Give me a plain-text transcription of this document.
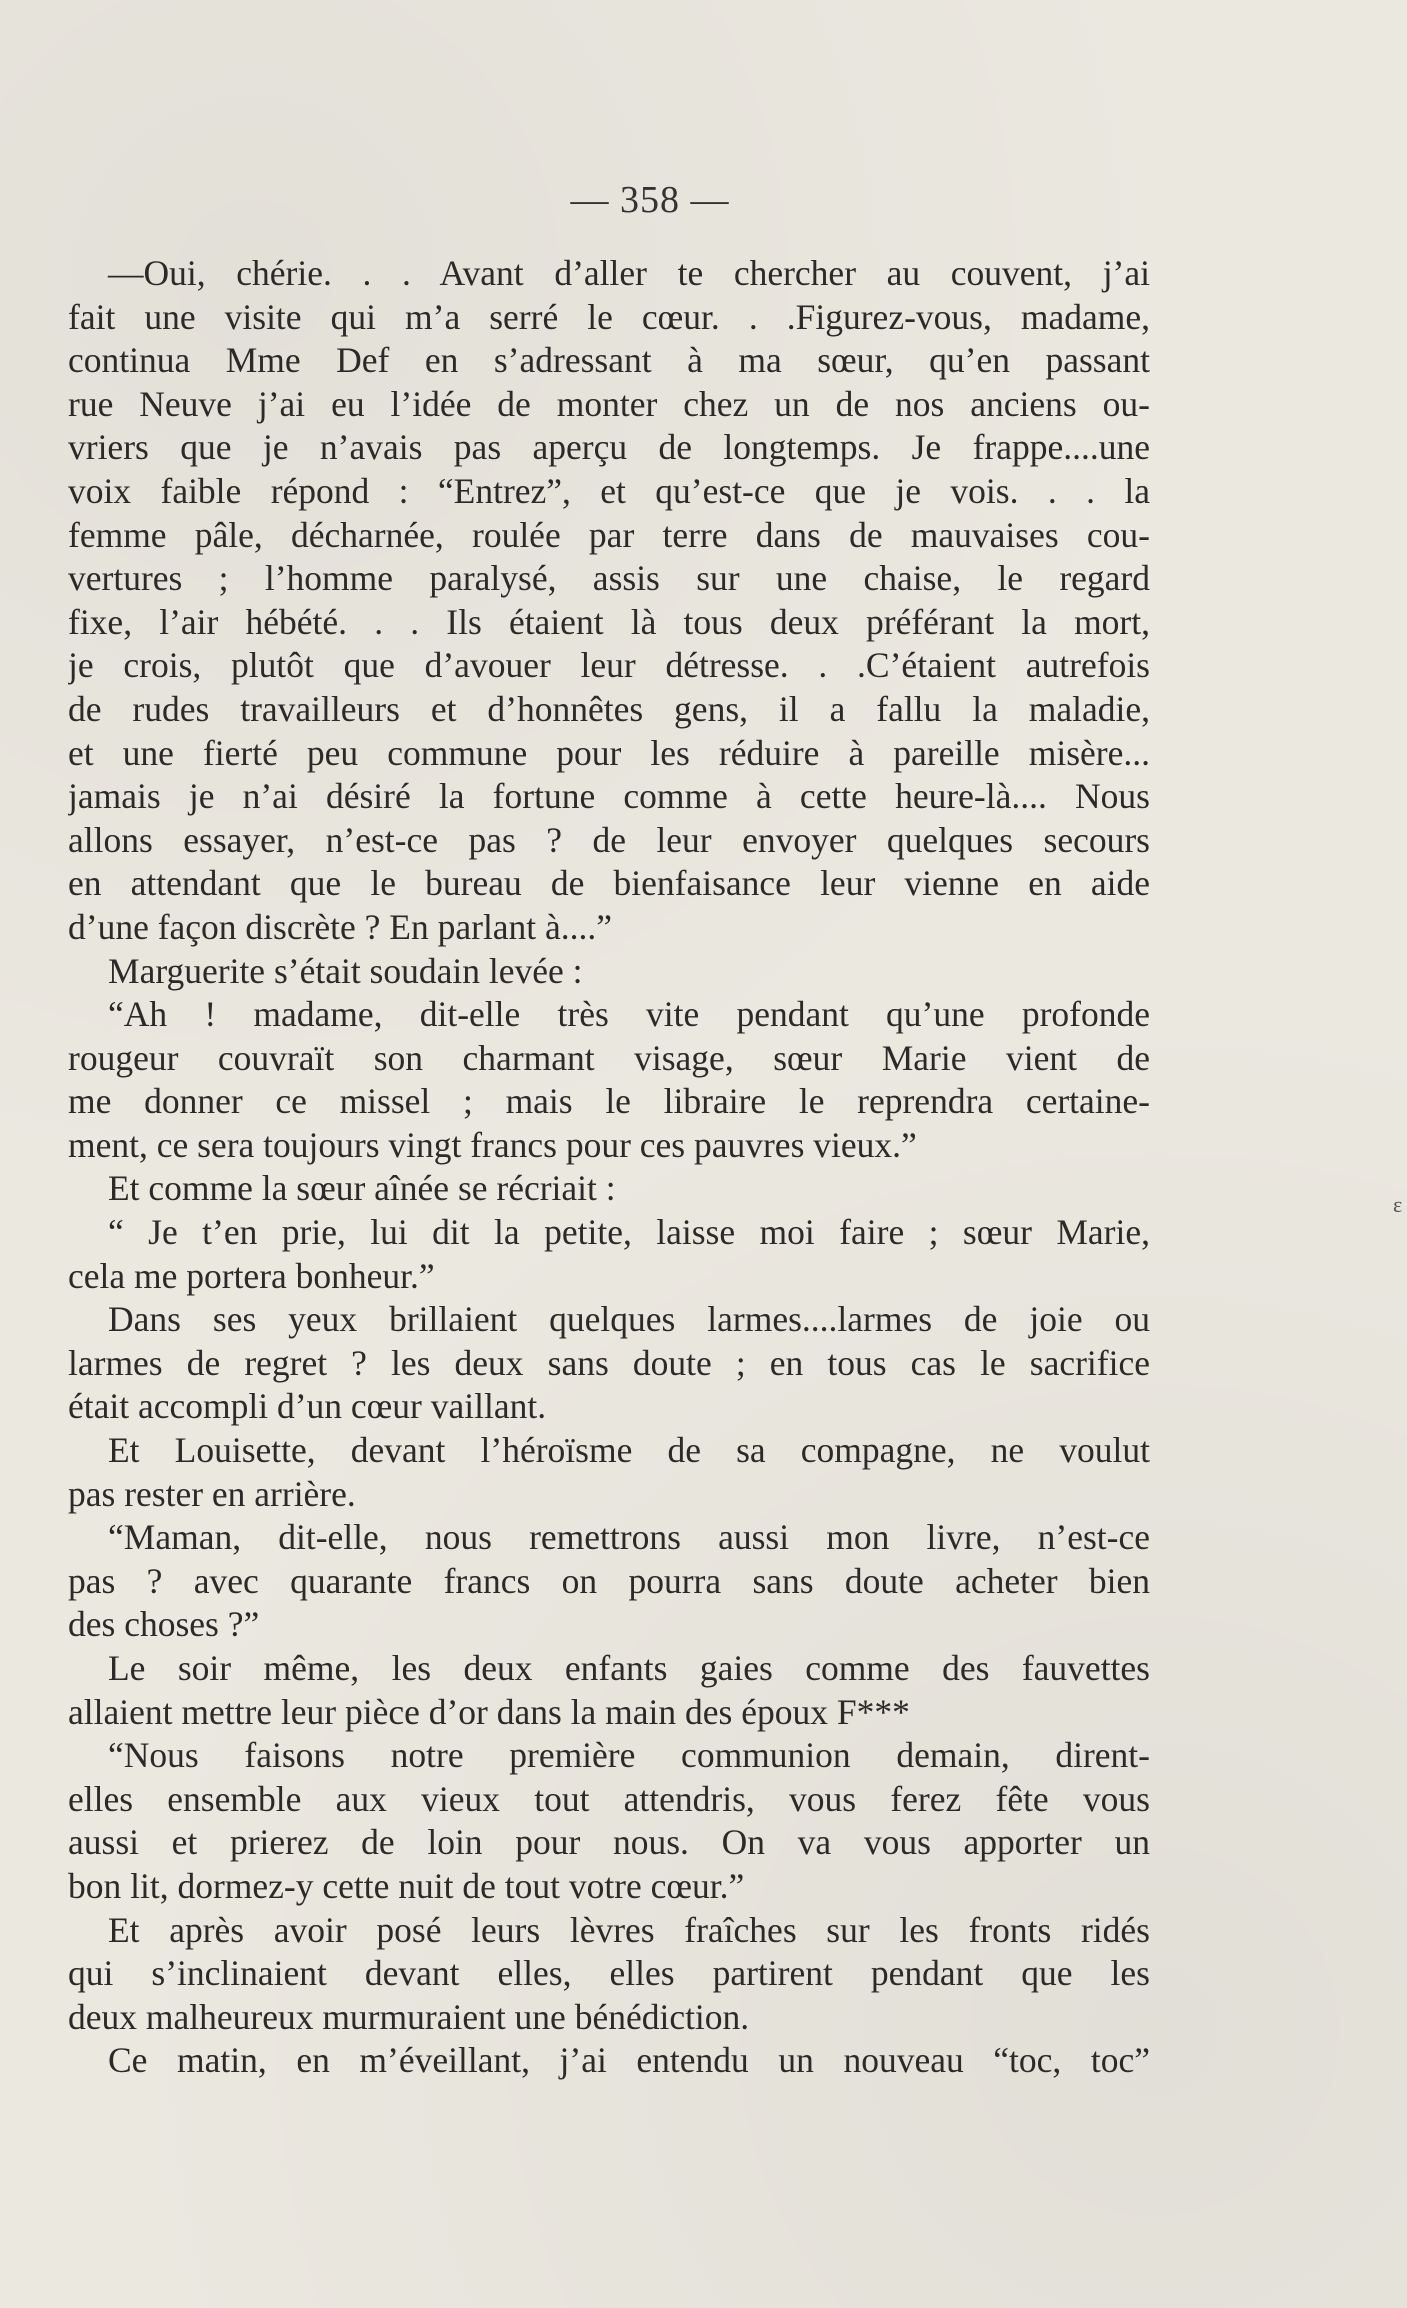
— 358 —
—Oui, chérie. . . Avant d’aller te chercher au couvent, j’ai
fait une visite qui m’a serré le cœur. . .Figurez-vous, madame,
continua Mme Def en s’adressant à ma sœur, qu’en passant
rue Neuve j’ai eu l’idée de monter chez un de nos anciens ou-
vriers que je n’avais pas aperçu de longtemps. Je frappe....une
voix faible répond : “Entrez”, et qu’est-ce que je vois. . . la
femme pâle, décharnée, roulée par terre dans de mauvaises cou-
vertures ; l’homme paralysé, assis sur une chaise, le regard
fixe, l’air hébété. . . Ils étaient là tous deux préférant la mort,
je crois, plutôt que d’avouer leur détresse. . .C’étaient autrefois
de rudes travailleurs et d’honnêtes gens, il a fallu la maladie,
et une fierté peu commune pour les réduire à pareille misère...
jamais je n’ai désiré la fortune comme à cette heure-là.... Nous
allons essayer, n’est-ce pas ? de leur envoyer quelques secours
en attendant que le bureau de bienfaisance leur vienne en aide
d’une façon discrète ? En parlant à....”
Marguerite s’était soudain levée :
“Ah ! madame, dit-elle très vite pendant qu’une profonde
rougeur couvraït son charmant visage, sœur Marie vient de
me donner ce missel ; mais le libraire le reprendra certaine-
ment, ce sera toujours vingt francs pour ces pauvres vieux.”
Et comme la sœur aînée se récriait :
“ Je t’en prie, lui dit la petite, laisse moi faire ; sœur Marie,
cela me portera bonheur.”
Dans ses yeux brillaient quelques larmes....larmes de joie ou
larmes de regret ? les deux sans doute ; en tous cas le sacrifice
était accompli d’un cœur vaillant.
Et Louisette, devant l’héroïsme de sa compagne, ne voulut
pas rester en arrière.
“Maman, dit-elle, nous remettrons aussi mon livre, n’est-ce
pas ? avec quarante francs on pourra sans doute acheter bien
des choses ?”
Le soir même, les deux enfants gaies comme des fauvettes
allaient mettre leur pièce d’or dans la main des époux F***
“Nous faisons notre première communion demain, dirent-
elles ensemble aux vieux tout attendris, vous ferez fête vous
aussi et prierez de loin pour nous. On va vous apporter un
bon lit, dormez-y cette nuit de tout votre cœur.”
Et après avoir posé leurs lèvres fraîches sur les fronts ridés
qui s’inclinaient devant elles, elles partirent pendant que les
deux malheureux murmuraient une bénédiction.
Ce matin, en m’éveillant, j’ai entendu un nouveau “toc, toc”
ε
